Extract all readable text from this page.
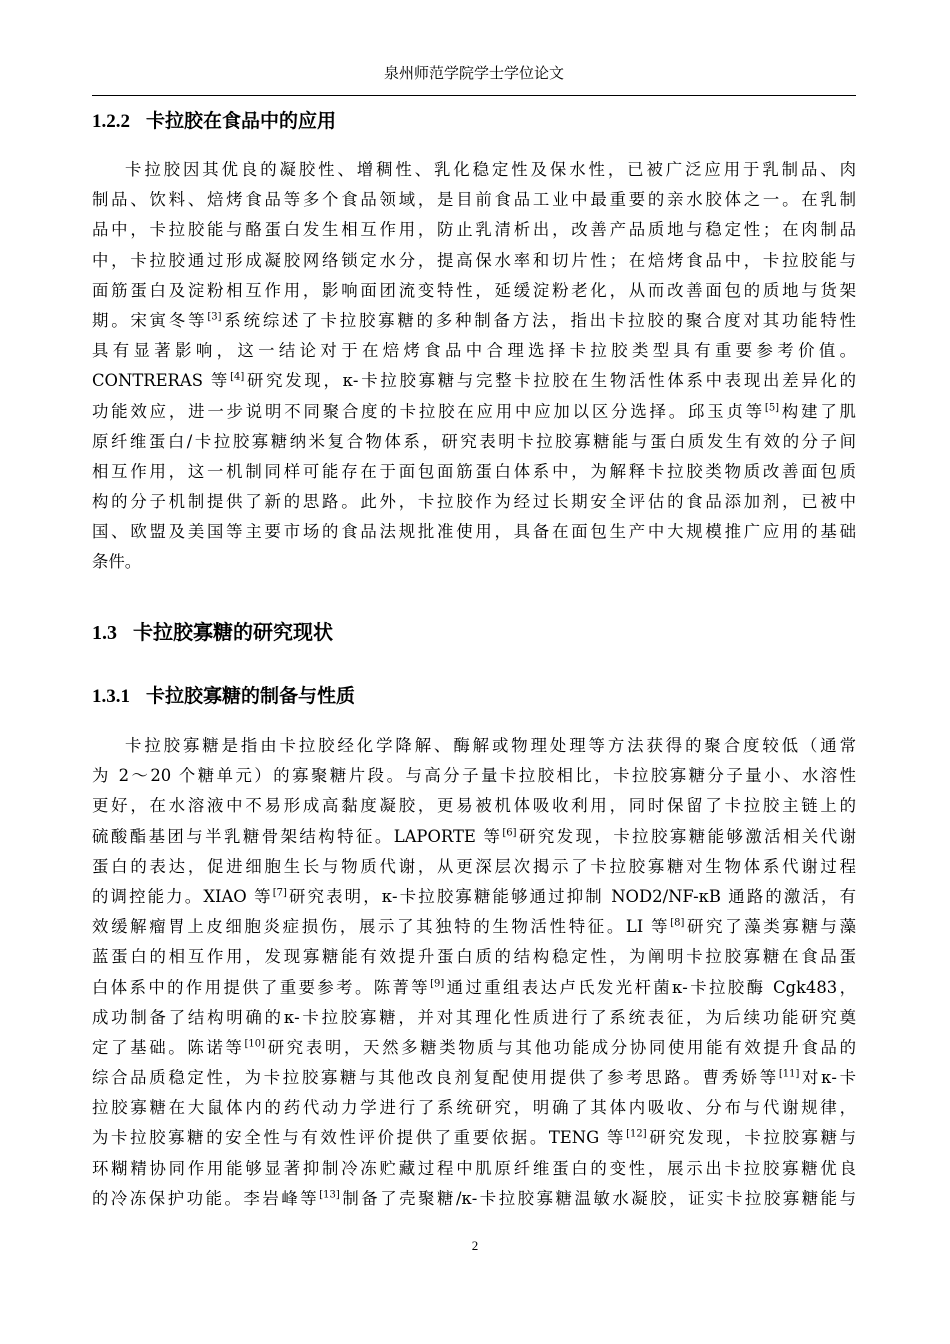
泉州师范学院学士学位论文
1.2.2 卡拉胶在食品中的应用
卡拉胶因其优良的凝胶性、增稠性、乳化稳定性及保水性，已被广泛应用于乳制品、肉
制品、饮料、焙烤食品等多个食品领域，是目前食品工业中最重要的亲水胶体之一。在乳制
品中，卡拉胶能与酪蛋白发生相互作用，防止乳清析出，改善产品质地与稳定性；在肉制品
中，卡拉胶通过形成凝胶网络锁定水分，提高保水率和切片性；在焙烤食品中，卡拉胶能与
面筋蛋白及淀粉相互作用，影响面团流变特性，延缓淀粉老化，从而改善面包的质地与货架
期。宋寅冬等[3]系统综述了卡拉胶寡糖的多种制备方法，指出卡拉胶的聚合度对其功能特性
具有显著影响，这一结论对于在焙烤食品中合理选择卡拉胶类型具有重要参考价值。
CONTRERAS 等[4]研究发现，κ-卡拉胶寡糖与完整卡拉胶在生物活性体系中表现出差异化的
功能效应，进一步说明不同聚合度的卡拉胶在应用中应加以区分选择。邱玉贞等[5]构建了肌
原纤维蛋白/卡拉胶寡糖纳米复合物体系，研究表明卡拉胶寡糖能与蛋白质发生有效的分子间
相互作用，这一机制同样可能存在于面包面筋蛋白体系中，为解释卡拉胶类物质改善面包质
构的分子机制提供了新的思路。此外，卡拉胶作为经过长期安全评估的食品添加剂，已被中
国、欧盟及美国等主要市场的食品法规批准使用，具备在面包生产中大规模推广应用的基础
条件。
1.3 卡拉胶寡糖的研究现状
1.3.1 卡拉胶寡糖的制备与性质
卡拉胶寡糖是指由卡拉胶经化学降解、酶解或物理处理等方法获得的聚合度较低（通常
为 2～20 个糖单元）的寡聚糖片段。与高分子量卡拉胶相比，卡拉胶寡糖分子量小、水溶性
更好，在水溶液中不易形成高黏度凝胶，更易被机体吸收利用，同时保留了卡拉胶主链上的
硫酸酯基团与半乳糖骨架结构特征。LAPORTE 等[6]研究发现，卡拉胶寡糖能够激活相关代谢
蛋白的表达，促进细胞生长与物质代谢，从更深层次揭示了卡拉胶寡糖对生物体系代谢过程
的调控能力。XIAO 等[7]研究表明，κ-卡拉胶寡糖能够通过抑制 NOD2/NF-κB 通路的激活，有
效缓解瘤胃上皮细胞炎症损伤，展示了其独特的生物活性特征。LI 等[8]研究了藻类寡糖与藻
蓝蛋白的相互作用，发现寡糖能有效提升蛋白质的结构稳定性，为阐明卡拉胶寡糖在食品蛋
白体系中的作用提供了重要参考。陈菁等[9]通过重组表达卢氏发光杆菌κ-卡拉胶酶 Cgk483，
成功制备了结构明确的κ-卡拉胶寡糖，并对其理化性质进行了系统表征，为后续功能研究奠
定了基础。陈诺等[10]研究表明，天然多糖类物质与其他功能成分协同使用能有效提升食品的
综合品质稳定性，为卡拉胶寡糖与其他改良剂复配使用提供了参考思路。曹秀娇等[11]对κ-卡
拉胶寡糖在大鼠体内的药代动力学进行了系统研究，明确了其体内吸收、分布与代谢规律，
为卡拉胶寡糖的安全性与有效性评价提供了重要依据。TENG 等[12]研究发现，卡拉胶寡糖与
环糊精协同作用能够显著抑制冷冻贮藏过程中肌原纤维蛋白的变性，展示出卡拉胶寡糖优良
的冷冻保护功能。李岩峰等[13]制备了壳聚糖/κ-卡拉胶寡糖温敏水凝胶，证实卡拉胶寡糖能与
2
